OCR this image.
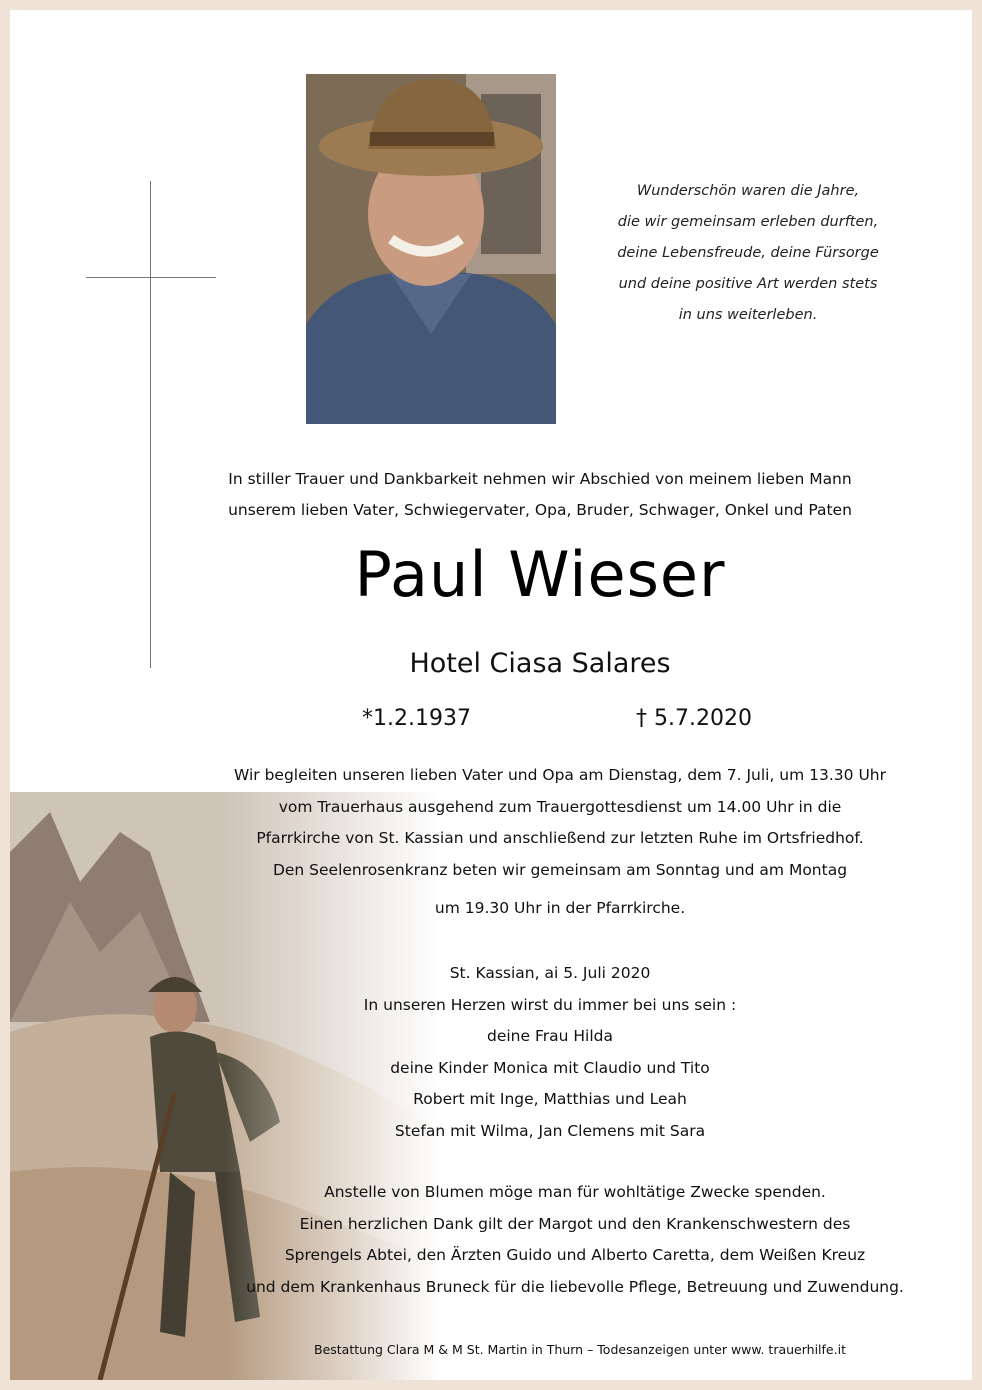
Wunderschön waren die Jahre,
die wir gemeinsam erleben durften,
deine Lebensfreude, deine Fürsorge
und deine positive Art werden stets
in uns weiterleben.
In stiller Trauer und Dankbarkeit nehmen wir Abschied von meinem lieben Mann
unserem lieben Vater, Schwiegervater, Opa, Bruder, Schwager, Onkel und Paten
Paul Wieser
Hotel Ciasa Salares
*1.2.1937	† 5.7.2020
Wir begleiten unseren lieben Vater und Opa am Dienstag, dem 7. Juli, um 13.30 Uhr
vom Trauerhaus ausgehend zum Trauergottesdienst um 14.00 Uhr in die
Pfarrkirche von St. Kassian und anschließend zur letzten Ruhe im Ortsfriedhof.
Den Seelenrosenkranz beten wir gemeinsam am Sonntag und am Montag
um 19.30 Uhr in der Pfarrkirche.
St. Kassian, ai 5. Juli 2020
In unseren Herzen wirst du immer bei uns sein :
deine Frau Hilda
deine Kinder Monica mit Claudio und Tito
Robert mit Inge, Matthias und Leah
Stefan mit Wilma, Jan Clemens mit Sara
Anstelle von Blumen möge man für wohltätige Zwecke spenden.
Einen herzlichen Dank gilt der Margot und den Krankenschwestern des
Sprengels Abtei, den Ärzten Guido und Alberto Caretta, dem Weißen Kreuz
und dem Krankenhaus Bruneck für die liebevolle Pflege, Betreuung und Zuwendung.
Bestattung Clara M & M St. Martin in Thurn – Todesanzeigen unter www. trauerhilfe.it
